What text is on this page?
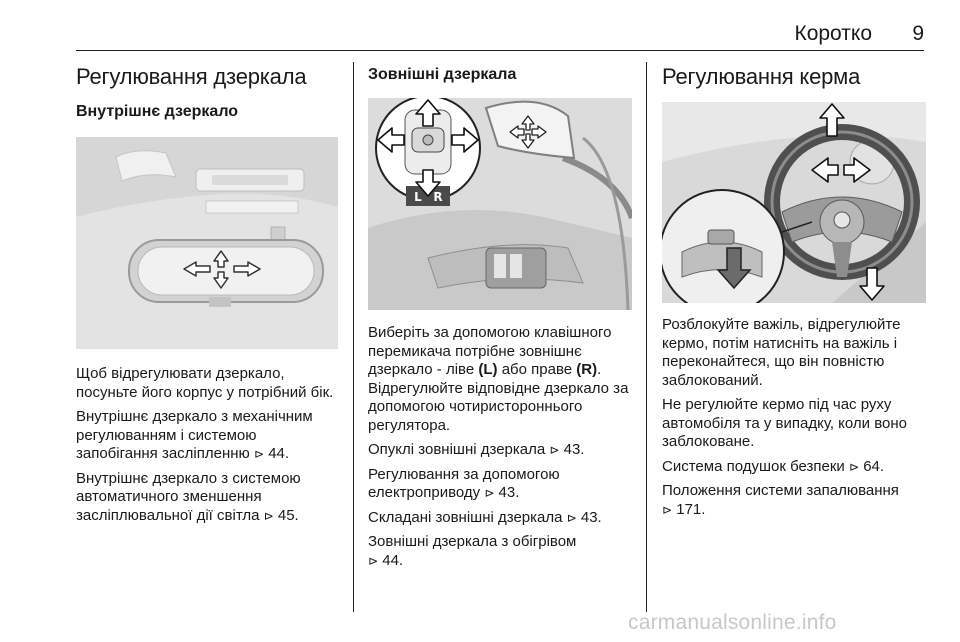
Коротко 9
Регулювання дзеркала
Внутрішнє дзеркало

Щоб відрегулювати дзеркало, посуньте його корпус у потрібний бік.

Внутрішнє дзеркало з механічним регулюванням і системою запобігання засліпленню ⊳ 44.

Внутрішнє дзеркало з системою автоматичного зменшення засліплювальної дії світла ⊳ 45.

Зовнішні дзеркала
L R

Виберіть за допомогою клавішного перемикача потрібне зовнішнє дзеркало - ліве (L) або праве (R). Відрегулюйте відповідне дзеркало за допомогою чотиристороннього регулятора.

Опуклі зовнішні дзеркала ⊳ 43.

Регулювання за допомогою електроприводу ⊳ 43.

Складані зовнішні дзеркала ⊳ 43.

Зовнішні дзеркала з обігрівом
⊳ 44.

Регулювання керма

Розблокуйте важіль, відрегулюйте кермо, потім натисніть на важіль і переконайтеся, що він повністю заблокований.

Не регулюйте кермо під час руху автомобіля та у випадку, коли воно заблоковане.

Система подушок безпеки ⊳ 64.

Положення системи запалювання
⊳ 171.

carmanualsonline.info
